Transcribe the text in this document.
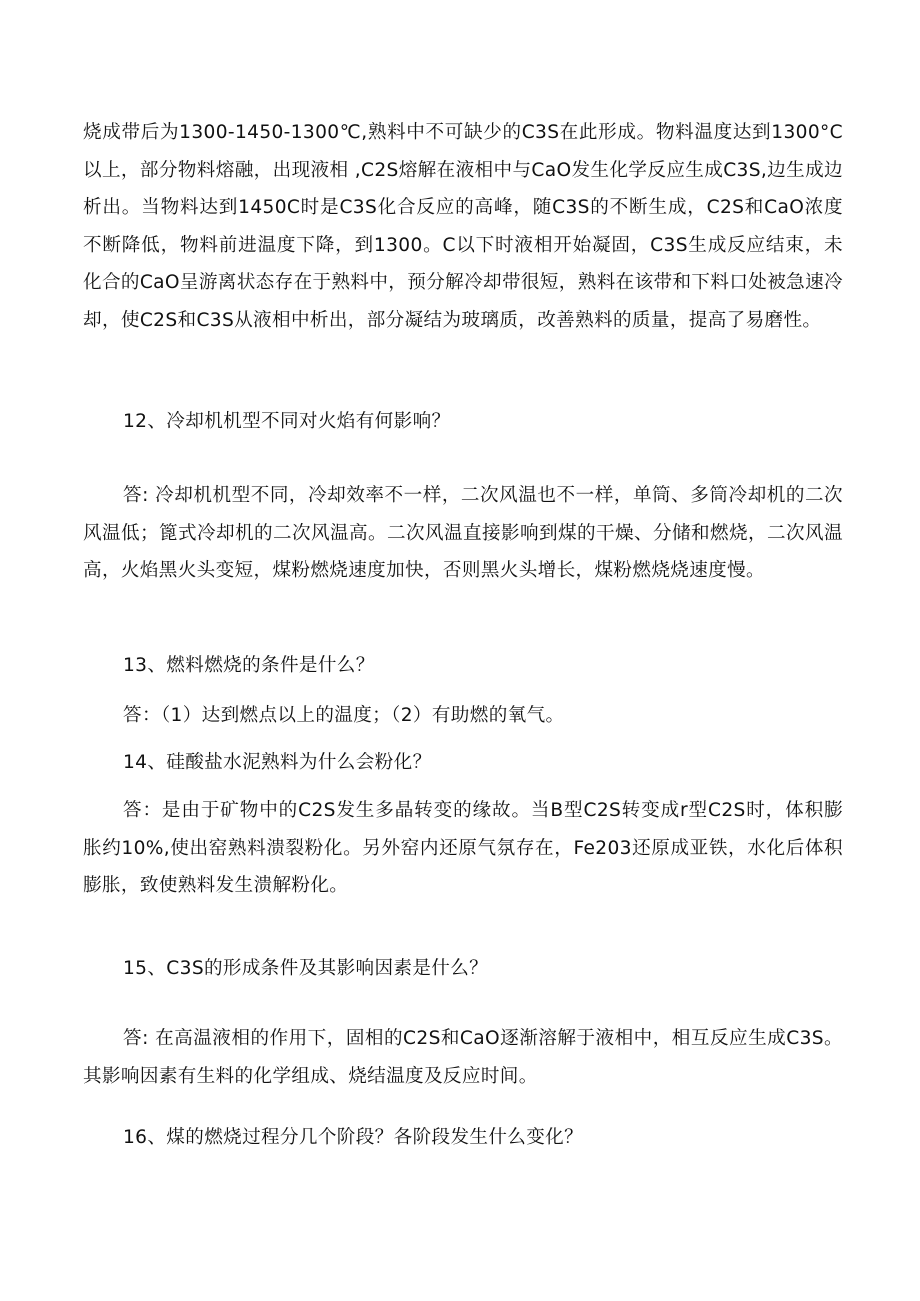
烧成带后为1300-1450-1300℃,熟料中不可缺少的C3S在此形成。物料温度达到1300°C以上，部分物料熔融，出现液相 ,C2S熔解在液相中与CaO发生化学反应生成C3S,边生成边析出。当物料达到1450C时是C3S化合反应的高峰，随C3S的不断生成，C2S和CaO浓度不断降低，物料前进温度下降，到1300。C以下时液相开始凝固，C3S生成反应结束，未化合的CaO呈游离状态存在于熟料中，预分解冷却带很短，熟料在该带和下料口处被急速冷却，使C2S和C3S从液相中析出，部分凝结为玻璃质，改善熟料的质量，提高了易磨性。

12、冷却机机型不同对火焰有何影响？

答: 冷却机机型不同，冷却效率不一样，二次风温也不一样，单筒、多筒冷却机的二次风温低；篦式冷却机的二次风温高。二次风温直接影响到煤的干燥、分储和燃烧，二次风温高，火焰黑火头变短，煤粉燃烧速度加快，否则黑火头增长，煤粉燃烧烧速度慢。

13、燃料燃烧的条件是什么？

答：（1）达到燃点以上的温度；（2）有助燃的氧气。

14、硅酸盐水泥熟料为什么会粉化？

答：是由于矿物中的C2S发生多晶转变的缘故。当B型C2S转变成r型C2S时，体积膨胀约10%,使出窑熟料溃裂粉化。另外窑内还原气氛存在，Fe203还原成亚铁，水化后体积膨胀，致使熟料发生溃解粉化。

15、C3S的形成条件及其影响因素是什么？

答: 在高温液相的作用下，固相的C2S和CaO逐渐溶解于液相中，相互反应生成C3S。其影响因素有生料的化学组成、烧结温度及反应时间。

16、煤的燃烧过程分几个阶段？各阶段发生什么变化？
